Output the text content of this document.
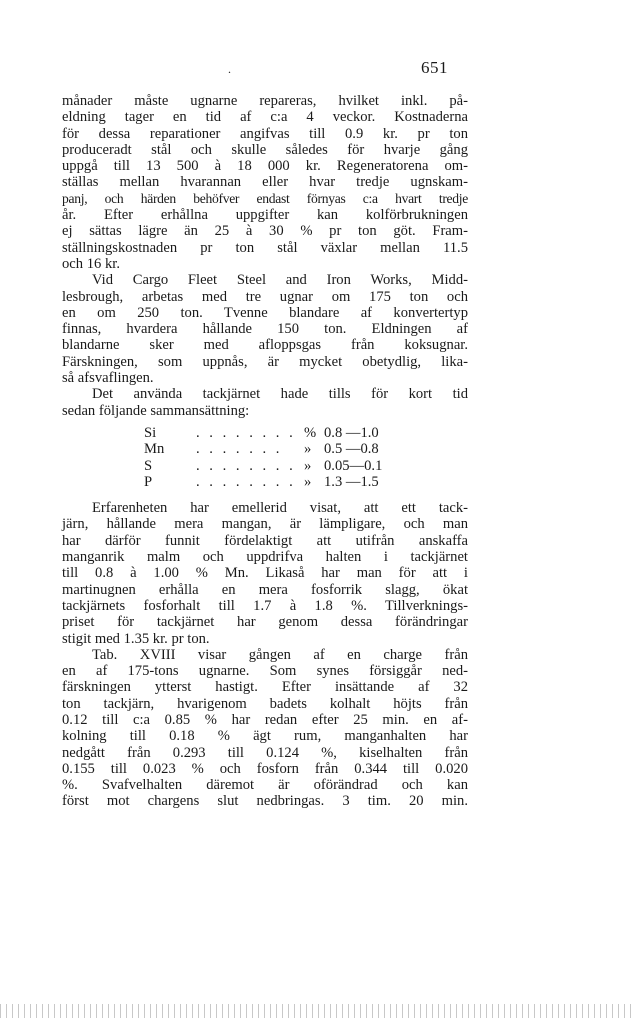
.	651

månader måste ugnarne repareras, hvilket inkl. på-
eldning tager en tid af c:a 4 veckor. Kostnaderna
för dessa reparationer angifvas till 0.9 kr. pr ton
produceradt stål och skulle således för hvarje gång
uppgå till 13 500 à 18 000 kr. Regeneratorena om-
ställas mellan hvarannan eller hvar tredje ugnskam-
panj, och härden behöfver endast förnyas c:a hvart tredje
år. Efter erhållna uppgifter kan kolförbrukningen
ej sättas lägre än 25 à 30 % pr ton göt. Fram-
ställningskostnaden pr ton stål växlar mellan 11.5
och 16 kr.

Vid Cargo Fleet Steel and Iron Works, Midd-
lesbrough, arbetas med tre ugnar om 175 ton och
en om 250 ton. Tvenne blandare af konvertertyp
finnas, hvardera hållande 150 ton. Eldningen af
blandarne sker med afloppsgas från koksugnar.
Färskningen, som uppnås, är mycket obetydlig, lika-
så afsvaflingen.

Det använda tackjärnet hade tills för kort tid
sedan följande sammansättning:

Si	. . . . . . . . % 0.8 —1.0
Mn	. . . . . . .	» 0.5 —0.8
S	. . . . . . . . » 0.05—0.1
P	. . . . . . . . » 1.3 —1.5

Erfarenheten har emellerid visat, att ett tack-
järn, hållande mera mangan, är lämpligare, och man
har därför funnit fördelaktigt att utifrån anskaffa
manganrik malm och uppdrifva halten i tackjärnet
till 0.8 à 1.00 % Mn. Likaså har man för att i
martinugnen erhålla en mera fosforrik slagg, ökat
tackjärnets fosforhalt till 1.7 à 1.8 %. Tillverknings-
priset för tackjärnet har genom dessa förändringar
stigit med 1.35 kr. pr ton.

Tab. XVIII visar gången af en charge från
en af 175-tons ugnarne. Som synes försiggår ned-
färskningen ytterst hastigt. Efter insättande af 32
ton tackjärn, hvarigenom badets kolhalt höjts från
0.12 till c:a 0.85 % har redan efter 25 min. en af-
kolning till 0.18 % ägt rum, manganhalten har
nedgått från 0.293 till 0.124 %, kiselhalten från
0.155 till 0.023 % och fosforn från 0.344 till 0.020
%. Svafvelhalten däremot är oförändrad och kan
först mot chargens slut nedbringas. 3 tim. 20 min.
